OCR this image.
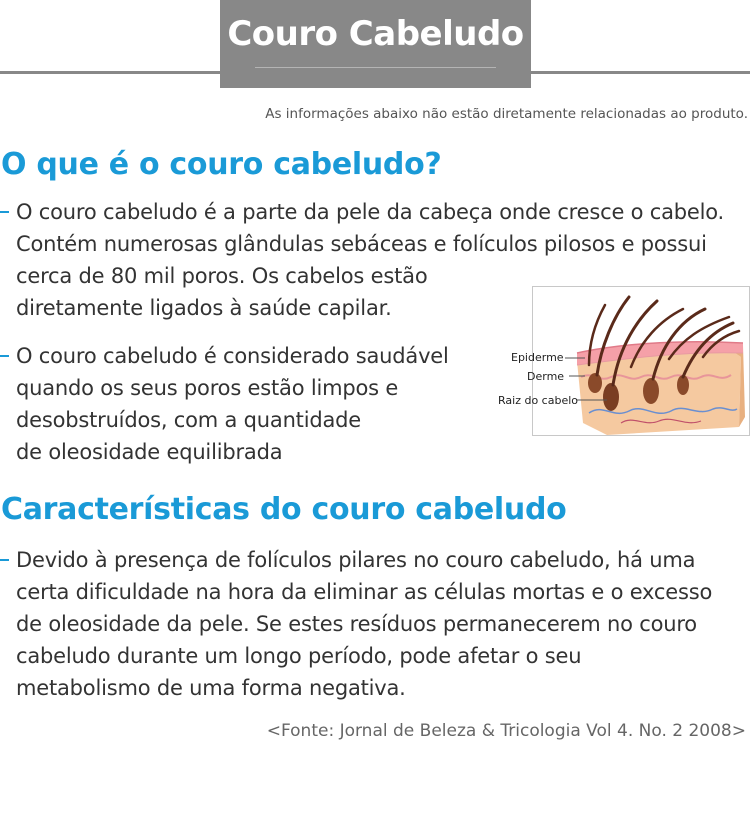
Couro Cabeludo
As informações abaixo não estão diretamente relacionadas ao produto.
O que é o couro cabeludo?
O couro cabeludo é a parte da pele da cabeça onde cresce o cabelo.
Contém numerosas glândulas sebáceas e folículos pilosos e possui
cerca de 80 mil poros. Os cabelos estão
diretamente ligados à saúde capilar.
O couro cabeludo é considerado saudável
quando os seus poros estão limpos e
desobstruídos, com a quantidade
de oleosidade equilibrada
Epiderme
Derme
Raiz do cabelo
Características do couro cabeludo
Devido à presença de folículos pilares no couro cabeludo, há uma
certa dificuldade na hora da eliminar as células mortas e o excesso
de oleosidade da pele. Se estes resíduos permanecerem no couro
cabeludo durante um longo período, pode afetar o seu
metabolismo de uma forma negativa.
<Fonte: Jornal de Beleza & Tricologia Vol 4. No. 2 2008>
